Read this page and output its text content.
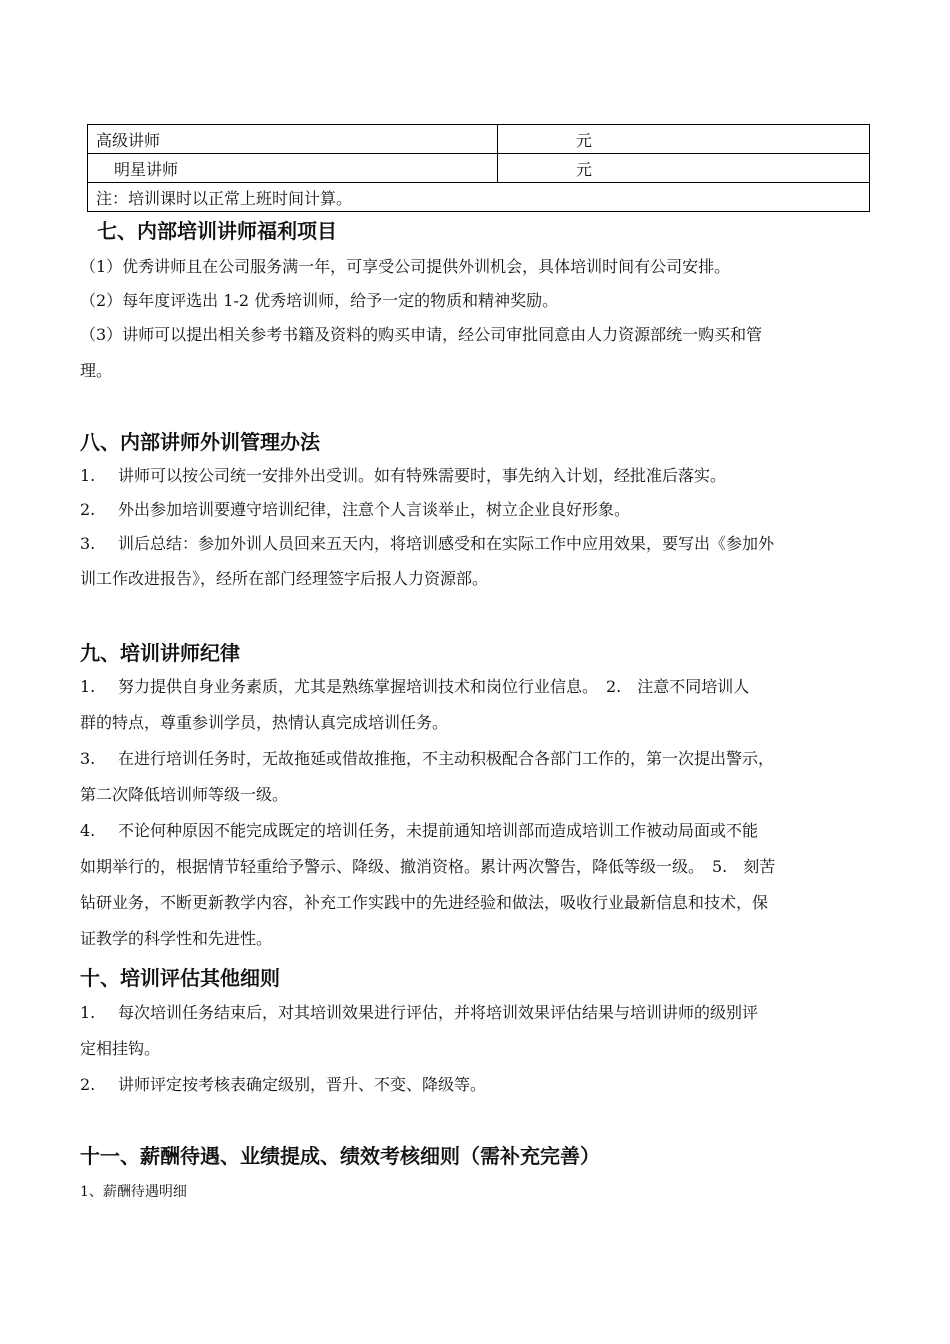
高级讲师	元
明星讲师	元
注：培训课时以正常上班时间计算。	
七、内部培训讲师福利项目
（1）优秀讲师且在公司服务满一年，可享受公司提供外训机会，具体培训时间有公司安排。
（2）每年度评选出 1-2 优秀培训师，给予一定的物质和精神奖励。
（3）讲师可以提出相关参考书籍及资料的购买申请，经公司审批同意由人力资源部统一购买和管
理。
八、内部讲师外训管理办法
1. 讲师可以按公司统一安排外出受训。如有特殊需要时，事先纳入计划，经批准后落实。
2. 外出参加培训要遵守培训纪律，注意个人言谈举止，树立企业良好形象。
3. 训后总结：参加外训人员回来五天内，将培训感受和在实际工作中应用效果，要写出《参加外
训工作改进报告》，经所在部门经理签字后报人力资源部。
九、培训讲师纪律
1. 努力提供自身业务素质，尤其是熟练掌握培训技术和岗位行业信息。　2.　注意不同培训人
群的特点，尊重参训学员，热情认真完成培训任务。
3. 在进行培训任务时，无故拖延或借故推拖，不主动积极配合各部门工作的，第一次提出警示，
第二次降低培训师等级一级。
4. 不论何种原因不能完成既定的培训任务，未提前通知培训部而造成培训工作被动局面或不能
如期举行的，根据情节轻重给予警示、降级、撤消资格。累计两次警告，降低等级一级。　5.　刻苦
钻研业务，不断更新教学内容，补充工作实践中的先进经验和做法，吸收行业最新信息和技术，保
证教学的科学性和先进性。
十、培训评估其他细则
1. 每次培训任务结束后，对其培训效果进行评估，并将培训效果评估结果与培训讲师的级别评
定相挂钩。
2. 讲师评定按考核表确定级别，晋升、不变、降级等。
十一、薪酬待遇、业绩提成、绩效考核细则（需补充完善）
1、薪酬待遇明细
